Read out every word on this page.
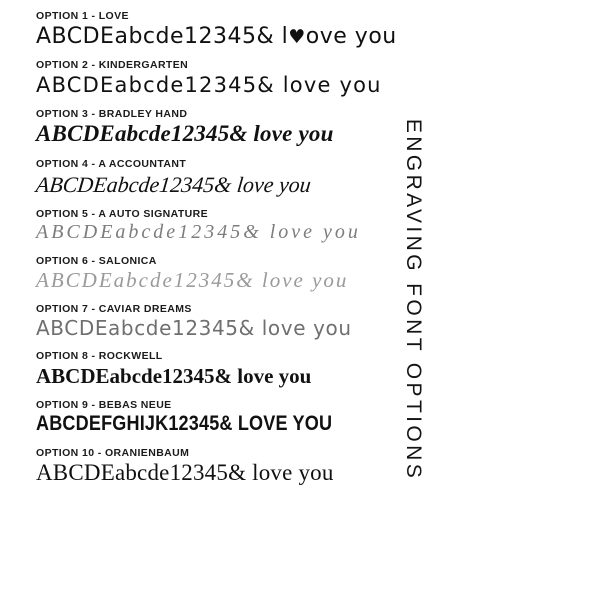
OPTION 1 - LOVE
ABCDEabcde12345& l♥ove you
OPTION 2 - KINDERGARTEN
ABCDEabcde12345& love you
OPTION 3 - BRADLEY HAND
ABCDEabcde12345& love you
OPTION 4 - A ACCOUNTANT
ABCDEabcde12345& love you
OPTION 5 - A AUTO SIGNATURE
ABCDEabcde12345& love you
OPTION 6 - SALONICA
ABCDEabcde12345& love you
OPTION 7 - CAVIAR DREAMS
ABCDEabcde12345& love you
OPTION 8 - ROCKWELL
ABCDEabcde12345& love you
OPTION 9 - BEBAS NEUE
ABCDEFGHIJK12345& LOVE YOU
OPTION 10 - ORANIENBAUM
ABCDEabcde12345& love you	ENGRAVING FONT OPTIONS
